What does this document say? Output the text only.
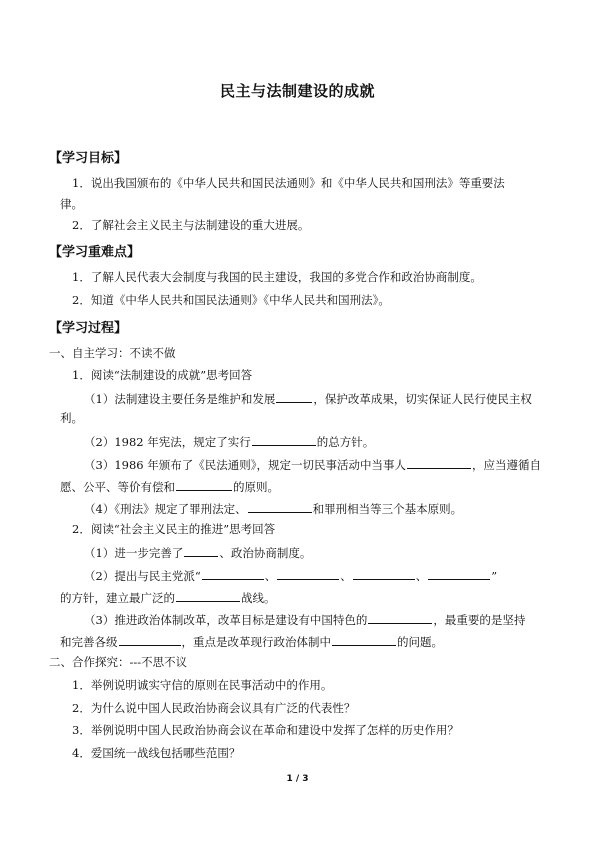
民主与法制建设的成就
【学习目标】
1．说出我国颁布的《中华人民共和国民法通则》和《中华人民共和国刑法》等重要法
律。
2．了解社会主义民主与法制建设的重大进展。
【学习重难点】
1．了解人民代表大会制度与我国的民主建设，我国的多党合作和政治协商制度。
2．知道《中华人民共和国民法通则》《中华人民共和国刑法》。
【学习过程】
一、自主学习：不读不做
1．阅读“法制建设的成就”思考回答
（1）法制建设主要任务是维护和发展	，保护改革成果，切实保证人民行使民主权
利。
（2）1982 年宪法，规定了实行	的总方针。
（3）1986 年颁布了《民法通则》，规定一切民事活动中当事人	，应当遵循自
愿、公平、等价有偿和	的原则。
（4）《刑法》规定了罪刑法定、	和罪刑相当等三个基本原则。
2．阅读“社会主义民主的推进”思考回答
（1）进一步完善了	、政治协商制度。
（2）提出与民主党派“	、	、	、	”
的方针，建立最广泛的	战线。
（3）推进政治体制改革，改革目标是建设有中国特色的	，最重要的是坚持
和完善各级	，重点是改革现行政治体制中	的问题。
二、合作探究：---不思不议
1．举例说明诚实守信的原则在民事活动中的作用。
2．为什么说中国人民政治协商会议具有广泛的代表性？
3．举例说明中国人民政治协商会议在革命和建设中发挥了怎样的历史作用？
4．爱国统一战线包括哪些范围？
1 / 3
